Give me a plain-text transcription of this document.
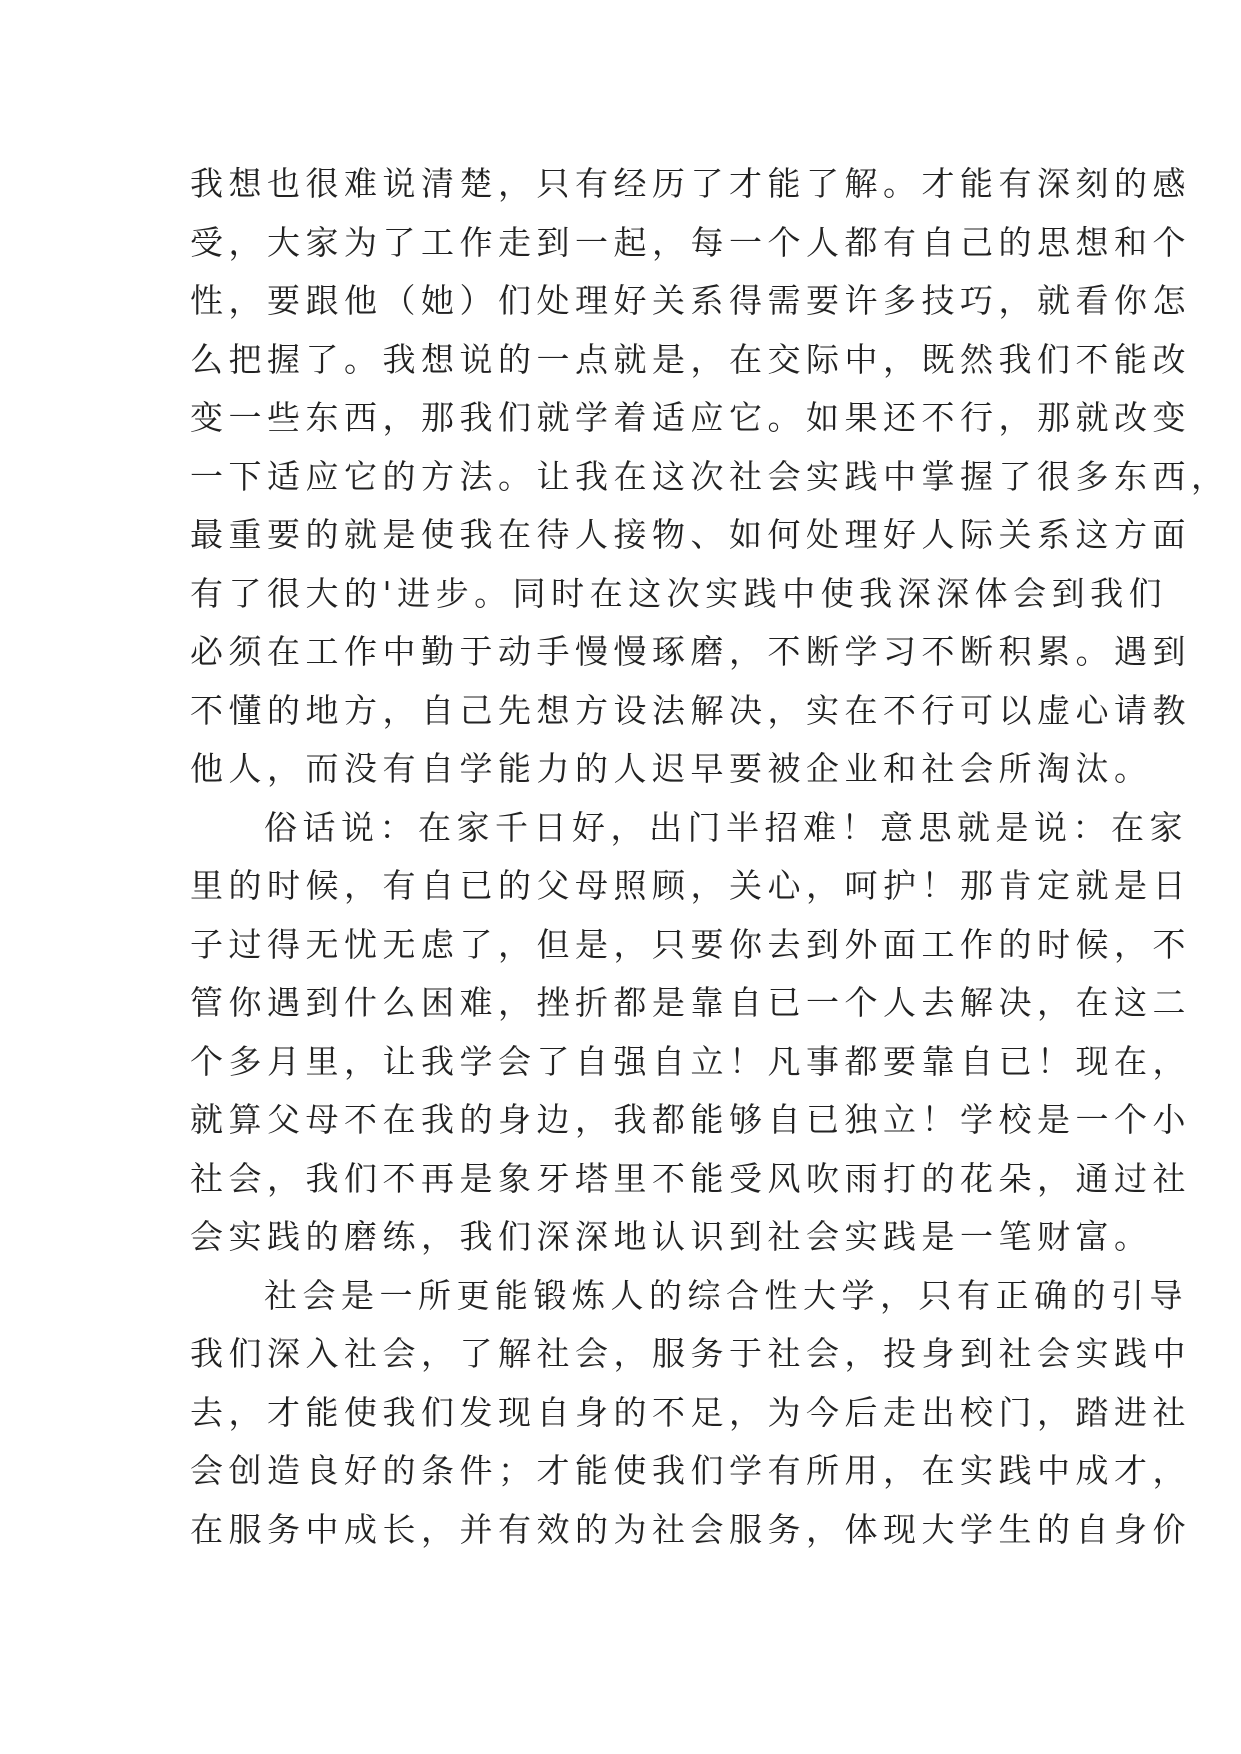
我想也很难说清楚，只有经历了才能了解。才能有深刻的感
受，大家为了工作走到一起，每一个人都有自己的思想和个
性，要跟他（她）们处理好关系得需要许多技巧，就看你怎
么把握了。我想说的一点就是，在交际中，既然我们不能改
变一些东西，那我们就学着适应它。如果还不行，那就改变
一下适应它的方法。让我在这次社会实践中掌握了很多东西，
最重要的就是使我在待人接物、如何处理好人际关系这方面
有了很大的'进步。同时在这次实践中使我深深体会到我们
必须在工作中勤于动手慢慢琢磨，不断学习不断积累。遇到
不懂的地方，自己先想方设法解决，实在不行可以虚心请教
他人，而没有自学能力的人迟早要被企业和社会所淘汰。
俗话说：在家千日好，出门半招难！意思就是说：在家
里的时候，有自已的父母照顾，关心，呵护！那肯定就是日
子过得无忧无虑了，但是，只要你去到外面工作的时候，不
管你遇到什么困难，挫折都是靠自已一个人去解决，在这二
个多月里，让我学会了自强自立！凡事都要靠自已！现在，
就算父母不在我的身边，我都能够自已独立！学校是一个小
社会，我们不再是象牙塔里不能受风吹雨打的花朵，通过社
会实践的磨练，我们深深地认识到社会实践是一笔财富。
社会是一所更能锻炼人的综合性大学，只有正确的引导
我们深入社会，了解社会，服务于社会，投身到社会实践中
去，才能使我们发现自身的不足，为今后走出校门，踏进社
会创造良好的条件；才能使我们学有所用，在实践中成才，
在服务中成长，并有效的为社会服务，体现大学生的自身价
